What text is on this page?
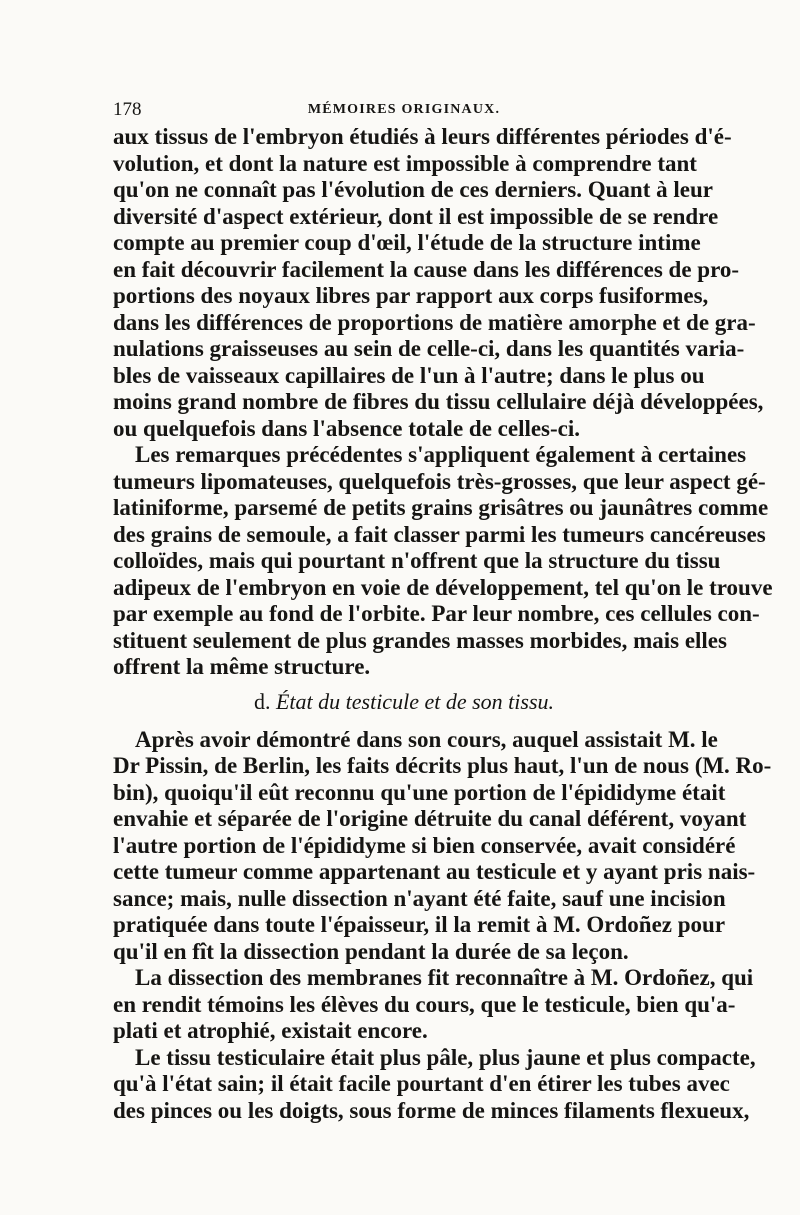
178	MÉMOIRES ORIGINAUX.

aux tissus de l'embryon étudiés à leurs différentes périodes d'é-
volution, et dont la nature est impossible à comprendre tant
qu'on ne connaît pas l'évolution de ces derniers. Quant à leur
diversité d'aspect extérieur, dont il est impossible de se rendre
compte au premier coup d'œil, l'étude de la structure intime
en fait découvrir facilement la cause dans les différences de pro-
portions des noyaux libres par rapport aux corps fusiformes,
dans les différences de proportions de matière amorphe et de gra-
nulations graisseuses au sein de celle-ci, dans les quantités varia-
bles de vaisseaux capillaires de l'un à l'autre; dans le plus ou
moins grand nombre de fibres du tissu cellulaire déjà développées,
ou quelquefois dans l'absence totale de celles-ci.

Les remarques précédentes s'appliquent également à certaines
tumeurs lipomateuses, quelquefois très-grosses, que leur aspect gé-
latiniforme, parsemé de petits grains grisâtres ou jaunâtres comme
des grains de semoule, a fait classer parmi les tumeurs cancéreuses
colloïdes, mais qui pourtant n'offrent que la structure du tissu
adipeux de l'embryon en voie de développement, tel qu'on le trouve
par exemple au fond de l'orbite. Par leur nombre, ces cellules con-
stituent seulement de plus grandes masses morbides, mais elles
offrent la même structure.

d. État du testicule et de son tissu.

Après avoir démontré dans son cours, auquel assistait M. le
Dr Pissin, de Berlin, les faits décrits plus haut, l'un de nous (M. Ro-
bin), quoiqu'il eût reconnu qu'une portion de l'épididyme était
envahie et séparée de l'origine détruite du canal déférent, voyant
l'autre portion de l'épididyme si bien conservée, avait considéré
cette tumeur comme appartenant au testicule et y ayant pris nais-
sance; mais, nulle dissection n'ayant été faite, sauf une incision
pratiquée dans toute l'épaisseur, il la remit à M. Ordoñez pour
qu'il en fît la dissection pendant la durée de sa leçon.

La dissection des membranes fit reconnaître à M. Ordoñez, qui
en rendit témoins les élèves du cours, que le testicule, bien qu'a-
plati et atrophié, existait encore.

Le tissu testiculaire était plus pâle, plus jaune et plus compacte,
qu'à l'état sain; il était facile pourtant d'en étirer les tubes avec
des pinces ou les doigts, sous forme de minces filaments flexueux,
